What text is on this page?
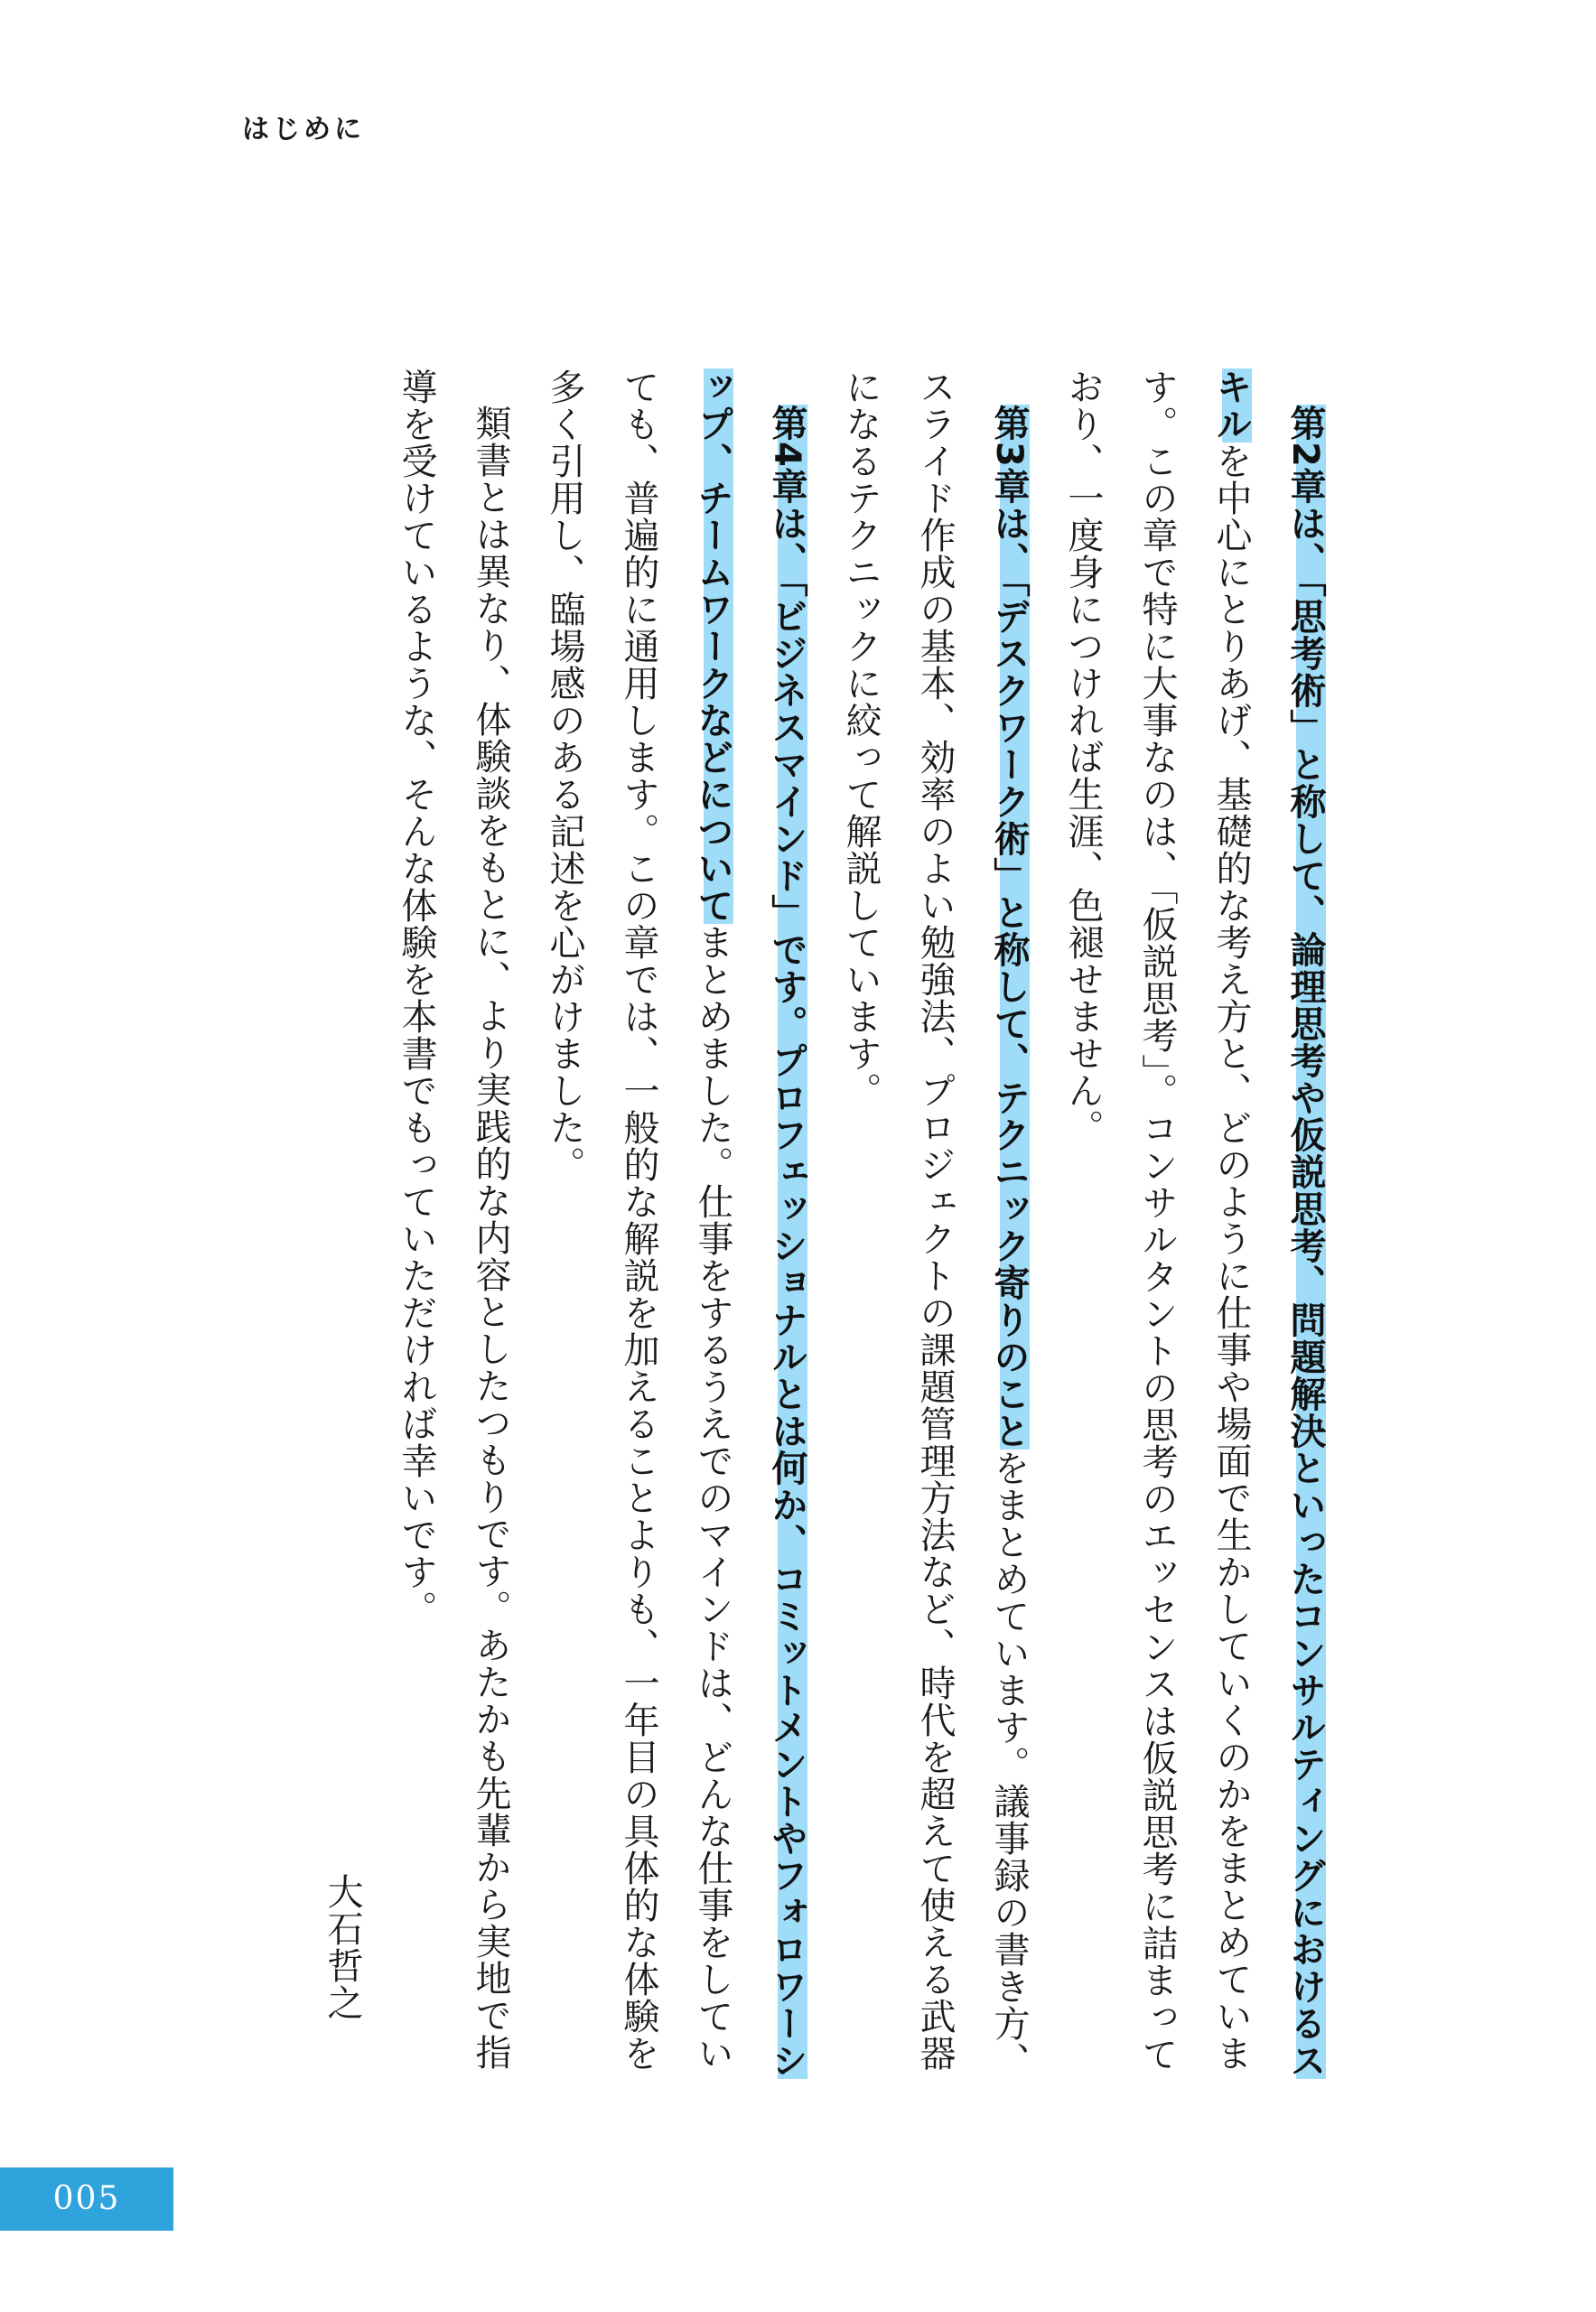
はじめに

第2章は、「思考術」と称して、論理思考や仮説思考、問題解決といったコンサルティングにおけるスキルを中心にとりあげ、基礎的な考え方と、どのように仕事や場面で生かしていくのかをまとめています。この章で特に大事なのは、「仮説思考」。コンサルタントの思考のエッセンスは仮説思考に詰まっており、一度身につければ生涯、色褪せません。

第3章は、「デスクワーク術」と称して、テクニック寄りのことをまとめています。議事録の書き方、スライド作成の基本、効率のよい勉強法、プロジェクトの課題管理方法など、時代を超えて使える武器になるテクニックに絞って解説しています。

第4章は、「ビジネスマインド」です。プロフェッショナルとは何か、コミットメントやフォロワーシップ、チームワークなどについてまとめました。仕事をするうえでのマインドは、どんな仕事をしていても、普遍的に通用します。この章では、一般的な解説を加えることよりも、一年目の具体的な体験を多く引用し、臨場感のある記述を心がけました。

類書とは異なり、体験談をもとに、より実践的な内容としたつもりです。あたかも先輩から実地で指導を受けているような、そんな体験を本書でもっていただければ幸いです。

大石哲之

005
